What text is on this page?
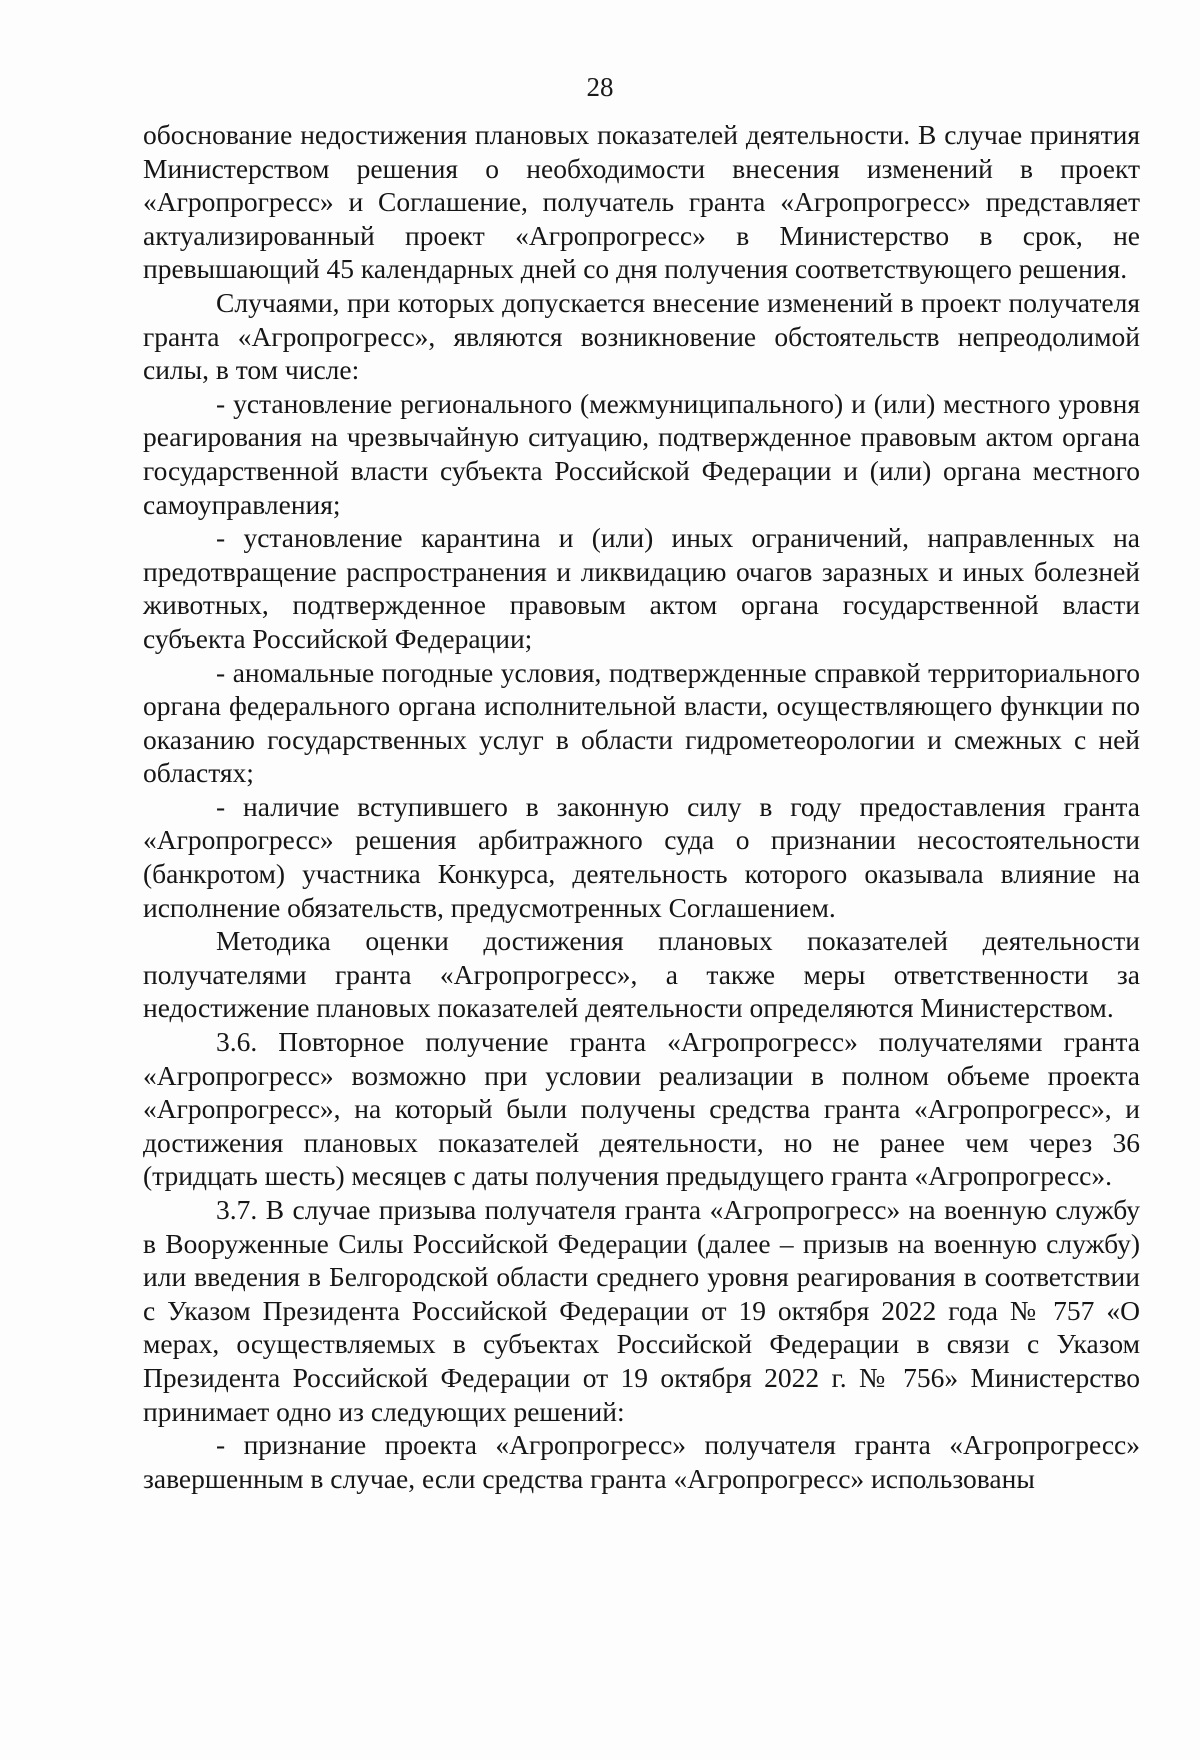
28

обоснование недостижения плановых показателей деятельности. В случае принятия Министерством решения о необходимости внесения изменений в проект «Агропрогресс» и Соглашение, получатель гранта «Агропрогресс» представляет актуализированный проект «Агропрогресс» в Министерство в срок, не превышающий 45 календарных дней со дня получения соответствующего решения.

Случаями, при которых допускается внесение изменений в проект получателя гранта «Агропрогресс», являются возникновение обстоятельств непреодолимой силы, в том числе:

- установление регионального (межмуниципального) и (или) местного уровня реагирования на чрезвычайную ситуацию, подтвержденное правовым актом органа государственной власти субъекта Российской Федерации и (или) органа местного самоуправления;

- установление карантина и (или) иных ограничений, направленных на предотвращение распространения и ликвидацию очагов заразных и иных болезней животных, подтвержденное правовым актом органа государственной власти субъекта Российской Федерации;

- аномальные погодные условия, подтвержденные справкой территориального органа федерального органа исполнительной власти, осуществляющего функции по оказанию государственных услуг в области гидрометеорологии и смежных с ней областях;

- наличие вступившего в законную силу в году предоставления гранта «Агропрогресс» решения арбитражного суда о признании несостоятельности (банкротом) участника Конкурса, деятельность которого оказывала влияние на исполнение обязательств, предусмотренных Соглашением.

Методика оценки достижения плановых показателей деятельности получателями гранта «Агропрогресс», а также меры ответственности за недостижение плановых показателей деятельности определяются Министерством.

3.6. Повторное получение гранта «Агропрогресс» получателями гранта «Агропрогресс» возможно при условии реализации в полном объеме проекта «Агропрогресс», на который были получены средства гранта «Агропрогресс», и достижения плановых показателей деятельности, но не ранее чем через 36 (тридцать шесть) месяцев с даты получения предыдущего гранта «Агропрогресс».

3.7. В случае призыва получателя гранта «Агропрогресс» на военную службу в Вооруженные Силы Российской Федерации (далее – призыв на военную службу) или введения в Белгородской области среднего уровня реагирования в соответствии с Указом Президента Российской Федерации от 19 октября 2022 года № 757 «О мерах, осуществляемых в субъектах Российской Федерации в связи с Указом Президента Российской Федерации от 19 октября 2022 г. № 756» Министерство принимает одно из следующих решений:

- признание проекта «Агропрогресс» получателя гранта «Агропрогресс» завершенным в случае, если средства гранта «Агропрогресс» использованы
